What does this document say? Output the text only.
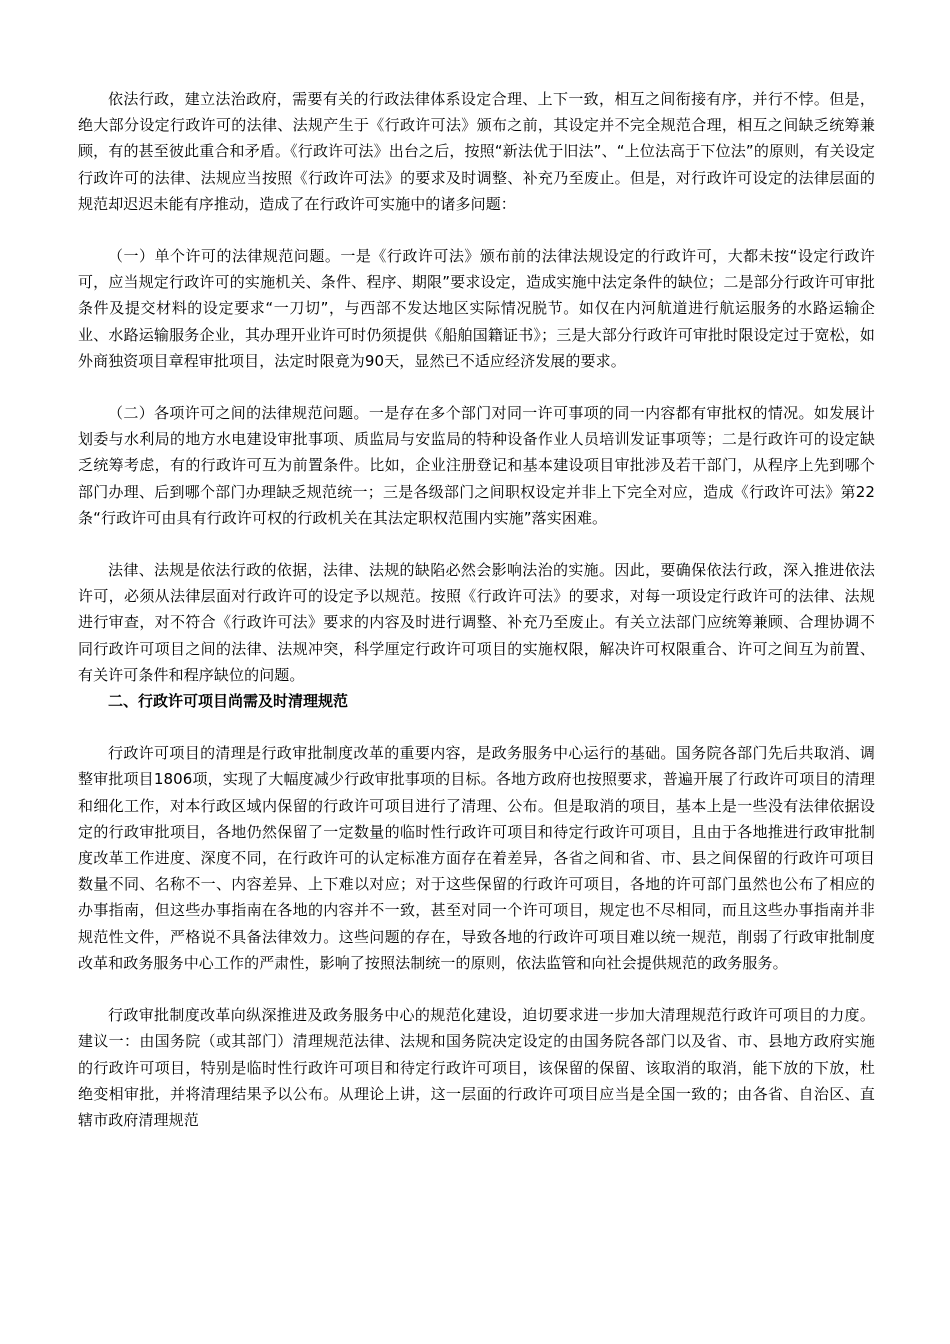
依法行政，建立法治政府，需要有关的行政法律体系设定合理、上下一致，相互之间衔接有序，并行不悖。但是，绝大部分设定行政许可的法律、法规产生于《行政许可法》颁布之前，其设定并不完全规范合理，相互之间缺乏统筹兼顾，有的甚至彼此重合和矛盾。《行政许可法》出台之后，按照“新法优于旧法”、“上位法高于下位法”的原则，有关设定行政许可的法律、法规应当按照《行政许可法》的要求及时调整、补充乃至废止。但是，对行政许可设定的法律层面的规范却迟迟未能有序推动，造成了在行政许可实施中的诸多问题：

（一）单个许可的法律规范问题。一是《行政许可法》颁布前的法律法规设定的行政许可，大都未按“设定行政许可，应当规定行政许可的实施机关、条件、程序、期限”要求设定，造成实施中法定条件的缺位；二是部分行政许可审批条件及提交材料的设定要求“一刀切”，与西部不发达地区实际情况脱节。如仅在内河航道进行航运服务的水路运输企业、水路运输服务企业，其办理开业许可时仍须提供《船舶国籍证书》；三是大部分行政许可审批时限设定过于宽松，如外商独资项目章程审批项目，法定时限竟为90天，显然已不适应经济发展的要求。

（二）各项许可之间的法律规范问题。一是存在多个部门对同一许可事项的同一内容都有审批权的情况。如发展计划委与水利局的地方水电建设审批事项、质监局与安监局的特种设备作业人员培训发证事项等；二是行政许可的设定缺乏统筹考虑，有的行政许可互为前置条件。比如，企业注册登记和基本建设项目审批涉及若干部门，从程序上先到哪个部门办理、后到哪个部门办理缺乏规范统一；三是各级部门之间职权设定并非上下完全对应，造成《行政许可法》第22条“行政许可由具有行政许可权的行政机关在其法定职权范围内实施”落实困难。

法律、法规是依法行政的依据，法律、法规的缺陷必然会影响法治的实施。因此，要确保依法行政，深入推进依法许可，必须从法律层面对行政许可的设定予以规范。按照《行政许可法》的要求，对每一项设定行政许可的法律、法规进行审查，对不符合《行政许可法》要求的内容及时进行调整、补充乃至废止。有关立法部门应统筹兼顾、合理协调不同行政许可项目之间的法律、法规冲突，科学厘定行政许可项目的实施权限，解决许可权限重合、许可之间互为前置、有关许可条件和程序缺位的问题。

二、行政许可项目尚需及时清理规范

行政许可项目的清理是行政审批制度改革的重要内容，是政务服务中心运行的基础。国务院各部门先后共取消、调整审批项目1806项，实现了大幅度减少行政审批事项的目标。各地方政府也按照要求，普遍开展了行政许可项目的清理和细化工作，对本行政区域内保留的行政许可项目进行了清理、公布。但是取消的项目，基本上是一些没有法律依据设定的行政审批项目，各地仍然保留了一定数量的临时性行政许可项目和待定行政许可项目，且由于各地推进行政审批制度改革工作进度、深度不同，在行政许可的认定标准方面存在着差异，各省之间和省、市、县之间保留的行政许可项目数量不同、名称不一、内容差异、上下难以对应；对于这些保留的行政许可项目，各地的许可部门虽然也公布了相应的办事指南，但这些办事指南在各地的内容并不一致，甚至对同一个许可项目，规定也不尽相同，而且这些办事指南并非规范性文件，严格说不具备法律效力。这些问题的存在，导致各地的行政许可项目难以统一规范，削弱了行政审批制度改革和政务服务中心工作的严肃性，影响了按照法制统一的原则，依法监管和向社会提供规范的政务服务。

行政审批制度改革向纵深推进及政务服务中心的规范化建设，迫切要求进一步加大清理规范行政许可项目的力度。建议一：由国务院（或其部门）清理规范法律、法规和国务院决定设定的由国务院各部门以及省、市、县地方政府实施的行政许可项目，特别是临时性行政许可项目和待定行政许可项目，该保留的保留、该取消的取消，能下放的下放，杜绝变相审批，并将清理结果予以公布。从理论上讲，这一层面的行政许可项目应当是全国一致的；由各省、自治区、直辖市政府清理规范
